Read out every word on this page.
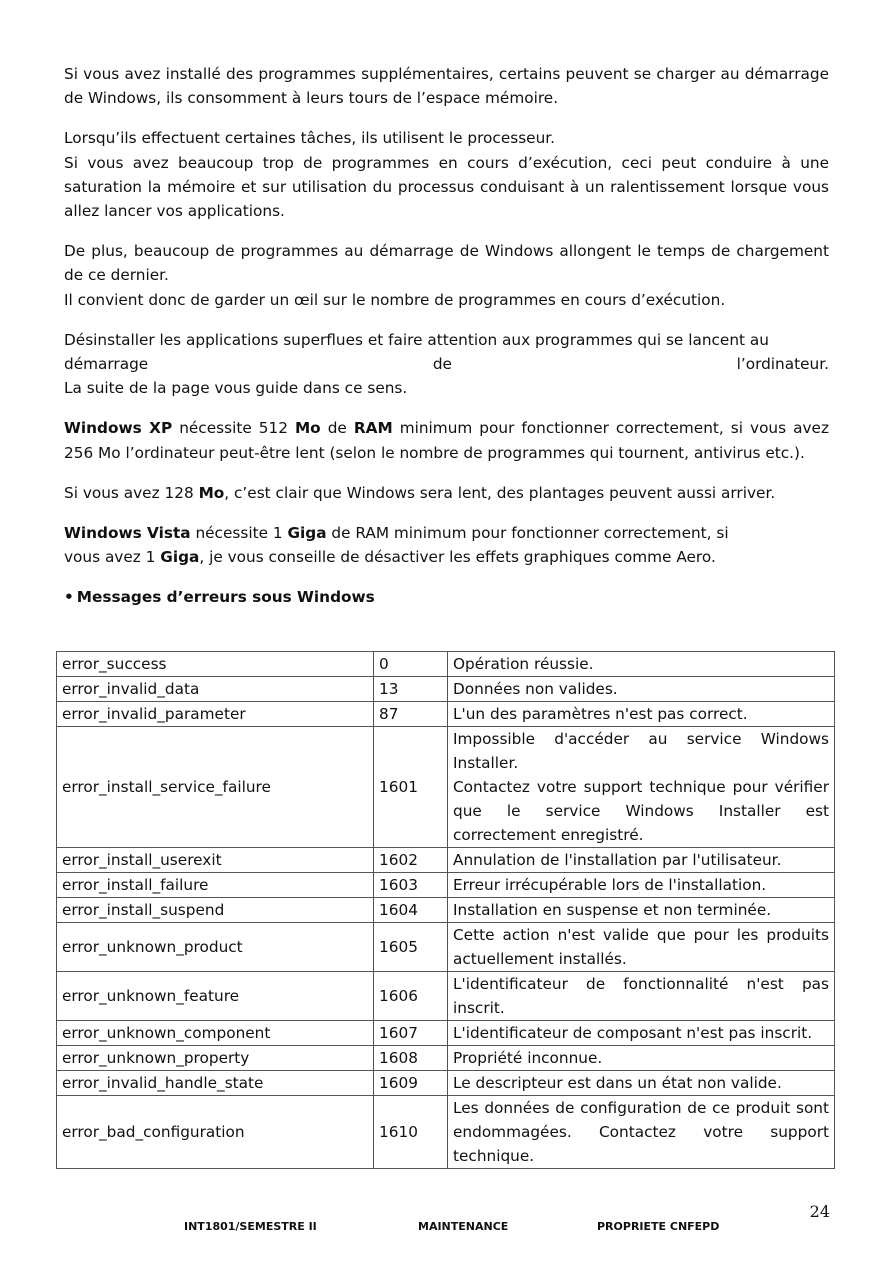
Si vous avez installé des programmes supplémentaires, certains peuvent se charger au démarrage de Windows, ils consomment à leurs tours de l’espace mémoire.

Lorsqu’ils effectuent certaines tâches, ils utilisent le processeur.
Si vous avez beaucoup trop de programmes en cours d’exécution, ceci peut conduire à une saturation la mémoire et sur utilisation du processus conduisant à un ralentissement lorsque vous allez lancer vos applications.

De plus, beaucoup de programmes au démarrage de Windows allongent le temps de chargement de ce dernier.
Il convient donc de garder un œil sur le nombre de programmes en cours d’exécution.

Désinstaller les applications superflues et faire attention aux programmes qui se lancent au
démarrage	de	l’ordinateur.
La suite de la page vous guide dans ce sens.

Windows XP nécessite 512 Mo de RAM minimum pour fonctionner correctement, si vous avez 256 Mo l’ordinateur peut-être lent (selon le nombre de programmes qui tournent, antivirus etc.).

Si vous avez 128 Mo, c’est clair que Windows sera lent, des plantages peuvent aussi arriver.

Windows Vista nécessite 1 Giga de RAM minimum pour fonctionner correctement, si
vous avez 1 Giga, je vous conseille de désactiver les effets graphiques comme Aero.

• Messages d’erreurs sous Windows
error_success	0	Opération réussie.

error_invalid_data	13	Données non valides.

error_invalid_parameter	87	L'un des paramètres n'est pas correct.

error_install_service_failure	1601	Impossible d'accéder au service Windows Installer.
Contactez votre support technique pour vérifier que le service Windows Installer est correctement enregistré.

error_install_userexit	1602	Annulation de l'installation par l'utilisateur.

error_install_failure	1603	Erreur irrécupérable lors de l'installation.

error_install_suspend	1604	Installation en suspense et non terminée.

error_unknown_product	1605	Cette action n'est valide que pour les produits actuellement installés.

error_unknown_feature	1606	L'identificateur de fonctionnalité n'est pas inscrit.

error_unknown_component	1607	L'identificateur de composant n'est pas inscrit.

error_unknown_property	1608	Propriété inconnue.

error_invalid_handle_state	1609	Le descripteur est dans un état non valide.

error_bad_configuration	1610	Les données de configuration de ce produit sont endommagées. Contactez votre support technique.
24
INT1801/SEMESTRE II	MAINTENANCE	PROPRIETE CNFEPD
